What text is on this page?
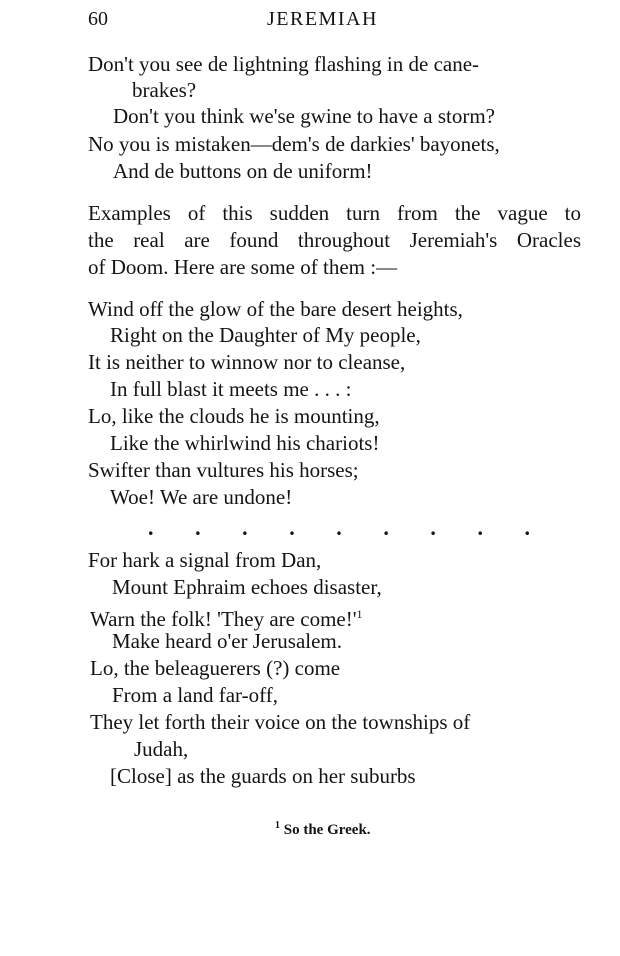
60	JEREMIAH
Don't you see de lightning flashing in de cane-
brakes?
Don't you think we'se gwine to have a storm?
No you is mistaken—dem's de darkies' bayonets,
And de buttons on de uniform!
Examples of this sudden turn from the vague to
the real are found throughout Jeremiah's Oracles
of Doom. Here are some of them :—
Wind off the glow of the bare desert heights,
Right on the Daughter of My people,
It is neither to winnow nor to cleanse,
In full blast it meets me . . . :
Lo, like the clouds he is mounting,
Like the whirlwind his chariots!
Swifter than vultures his horses;
Woe! We are undone!
. . . . . . . . .
For hark a signal from Dan,
Mount Ephraim echoes disaster,
Warn the folk! 'They are $come!'^1$
Make heard o'er Jerusalem.
Lo, the beleaguerers (?) come
From a land far-off,
They let forth their voice on the townships of
Judah,
[Close] as the guards on her suburbs
$^1$ So the Greek.
